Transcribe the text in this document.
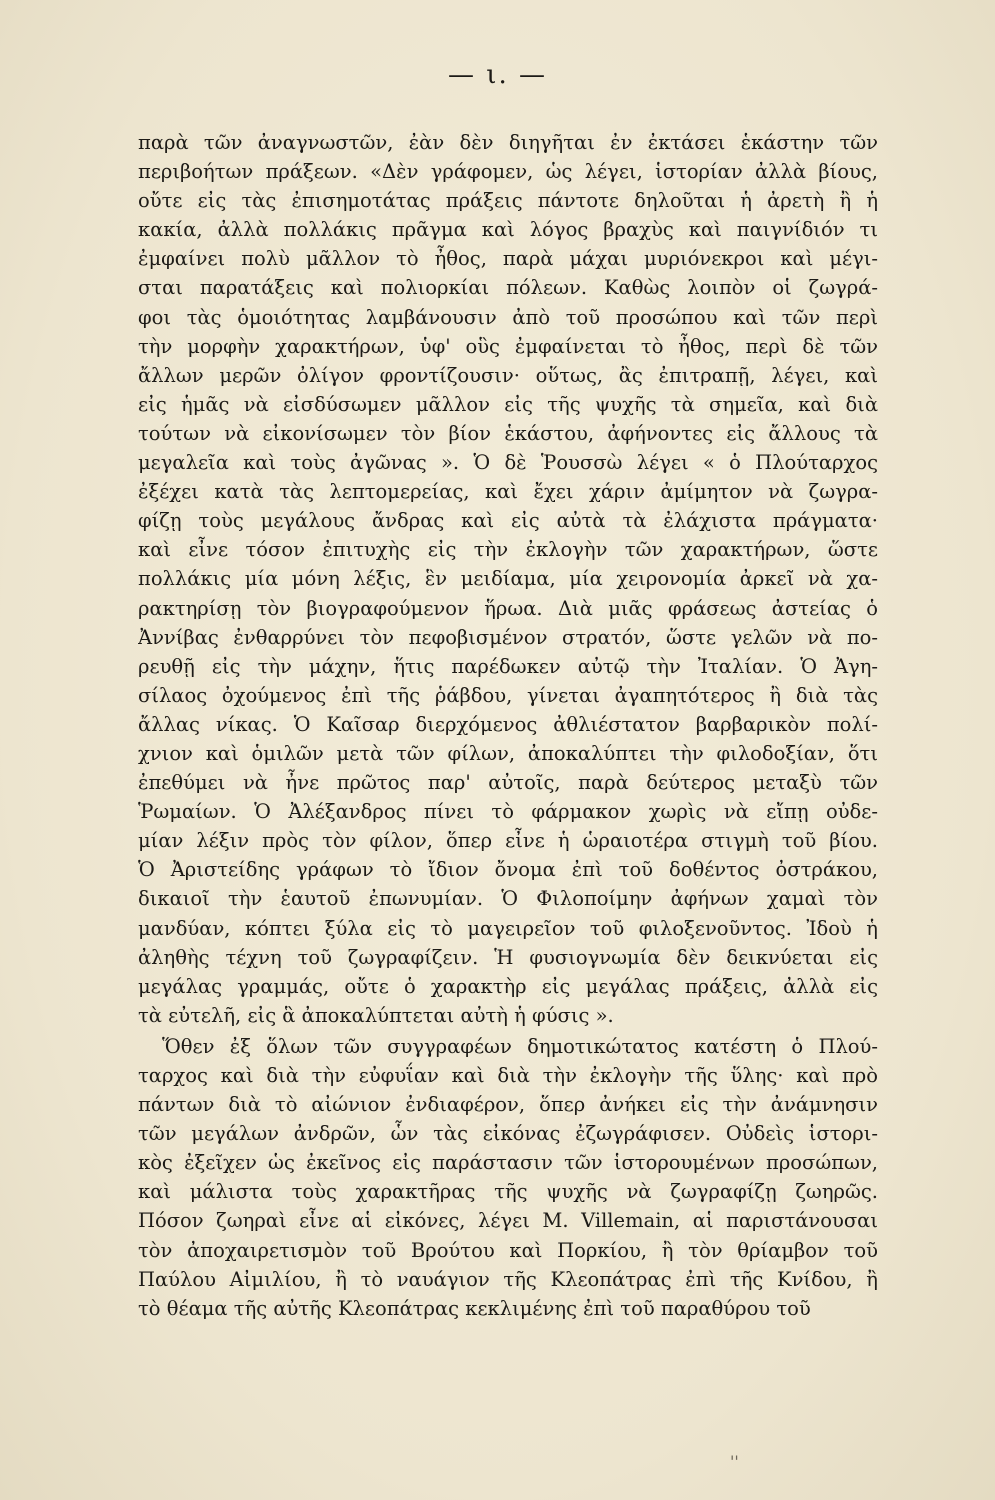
— ι. —
παρὰ τῶν ἀναγνωστῶν, ἐὰν δὲν διηγῆται ἐν ἐκτάσει ἑκάστην τῶν
περιβοήτων πράξεων. «Δὲν γράφομεν, ὡς λέγει, ἱστορίαν ἀλλὰ βίους,
οὔτε εἰς τὰς ἐπισημοτάτας πράξεις πάντοτε δηλοῦται ἡ ἀρετὴ ἢ ἡ
κακία, ἀλλὰ πολλάκις πρᾶγμα καὶ λόγος βραχὺς καὶ παιγνίδιόν τι
ἐμφαίνει πολὺ μᾶλλον τὸ ἦθος, παρὰ μάχαι μυριόνεκροι καὶ μέγι-
σται παρατάξεις καὶ πολιορκίαι πόλεων. Καθὼς λοιπὸν οἱ ζωγρά-
φοι τὰς ὁμοιότητας λαμβάνουσιν ἀπὸ τοῦ προσώπου καὶ τῶν περὶ
τὴν μορφὴν χαρακτήρων, ὑφ' οὓς ἐμφαίνεται τὸ ἦθος, περὶ δὲ τῶν
ἄλλων μερῶν ὀλίγον φροντίζουσιν· οὕτως, ἂς ἐπιτραπῇ, λέγει, καὶ
εἰς ἡμᾶς νὰ εἰσδύσωμεν μᾶλλον εἰς τῆς ψυχῆς τὰ σημεῖα, καὶ διὰ
τούτων νὰ εἰκονίσωμεν τὸν βίον ἑκάστου, ἀφήνοντες εἰς ἄλλους τὰ
μεγαλεῖα καὶ τοὺς ἀγῶνας ». Ὁ δὲ Ῥουσσὼ λέγει « ὁ Πλούταρχος
ἐξέχει κατὰ τὰς λεπτομερείας, καὶ ἔχει χάριν ἀμίμητον νὰ ζωγρα-
φίζῃ τοὺς μεγάλους ἄνδρας καὶ εἰς αὐτὰ τὰ ἐλάχιστα πράγματα·
καὶ εἶνε τόσον ἐπιτυχὴς εἰς τὴν ἐκλογὴν τῶν χαρακτήρων, ὥστε
πολλάκις μία μόνη λέξις, ἓν μειδίαμα, μία χειρονομία ἀρκεῖ νὰ χα-
ρακτηρίσῃ τὸν βιογραφούμενον ἥρωα. Διὰ μιᾶς φράσεως ἀστείας ὁ
Ἀννίβας ἐνθαρρύνει τὸν πεφοβισμένον στρατόν, ὥστε γελῶν νὰ πο-
ρευθῇ εἰς τὴν μάχην, ἥτις παρέδωκεν αὐτῷ τὴν Ἰταλίαν. Ὁ Ἀγη-
σίλαος ὀχούμενος ἐπὶ τῆς ῥάβδου, γίνεται ἀγαπητότερος ἢ διὰ τὰς
ἄλλας νίκας. Ὁ Καῖσαρ διερχόμενος ἀθλιέστατον βαρβαρικὸν πολί-
χνιον καὶ ὁμιλῶν μετὰ τῶν φίλων, ἀποκαλύπτει τὴν φιλοδοξίαν, ὅτι
ἐπεθύμει νὰ ἦνε πρῶτος παρ' αὐτοῖς, παρὰ δεύτερος μεταξὺ τῶν
Ῥωμαίων. Ὁ Ἀλέξανδρος πίνει τὸ φάρμακον χωρὶς νὰ εἴπῃ οὐδε-
μίαν λέξιν πρὸς τὸν φίλον, ὅπερ εἶνε ἡ ὡραιοτέρα στιγμὴ τοῦ βίου.
Ὁ Ἀριστείδης γράφων τὸ ἴδιον ὄνομα ἐπὶ τοῦ δοθέντος ὀστράκου,
δικαιοῖ τὴν ἑαυτοῦ ἐπωνυμίαν. Ὁ Φιλοποίμην ἀφήνων χαμαὶ τὸν
μανδύαν, κόπτει ξύλα εἰς τὸ μαγειρεῖον τοῦ φιλοξενοῦντος. Ἰδοὺ ἡ
ἀληθὴς τέχνη τοῦ ζωγραφίζειν. Ἡ φυσιογνωμία δὲν δεικνύεται εἰς
μεγάλας γραμμάς, οὔτε ὁ χαρακτὴρ εἰς μεγάλας πράξεις, ἀλλὰ εἰς
τὰ εὐτελῆ, εἰς ἃ ἀποκαλύπτεται αὐτὴ ἡ φύσις ».
Ὅθεν ἐξ ὅλων τῶν συγγραφέων δημοτικώτατος κατέστη ὁ Πλού-
ταρχος καὶ διὰ τὴν εὐφυΐαν καὶ διὰ τὴν ἐκλογὴν τῆς ὕλης· καὶ πρὸ
πάντων διὰ τὸ αἰώνιον ἐνδιαφέρον, ὅπερ ἀνήκει εἰς τὴν ἀνάμνησιν
τῶν μεγάλων ἀνδρῶν, ὧν τὰς εἰκόνας ἐζωγράφισεν. Οὐδεὶς ἱστορι-
κὸς ἐξεῖχεν ὡς ἐκεῖνος εἰς παράστασιν τῶν ἱστορουμένων προσώπων,
καὶ μάλιστα τοὺς χαρακτῆρας τῆς ψυχῆς νὰ ζωγραφίζῃ ζωηρῶς.
Πόσον ζωηραὶ εἶνε αἱ εἰκόνες, λέγει M. Villemain, αἱ παριστάνουσαι
τὸν ἀποχαιρετισμὸν τοῦ Βρούτου καὶ Πορκίου, ἢ τὸν θρίαμβον τοῦ
Παύλου Αἰμιλίου, ἢ τὸ ναυάγιον τῆς Κλεοπάτρας ἐπὶ τῆς Κνίδου, ἢ
τὸ θέαμα τῆς αὐτῆς Κλεοπάτρας κεκλιμένης ἐπὶ τοῦ παραθύρου τοῦ
''
